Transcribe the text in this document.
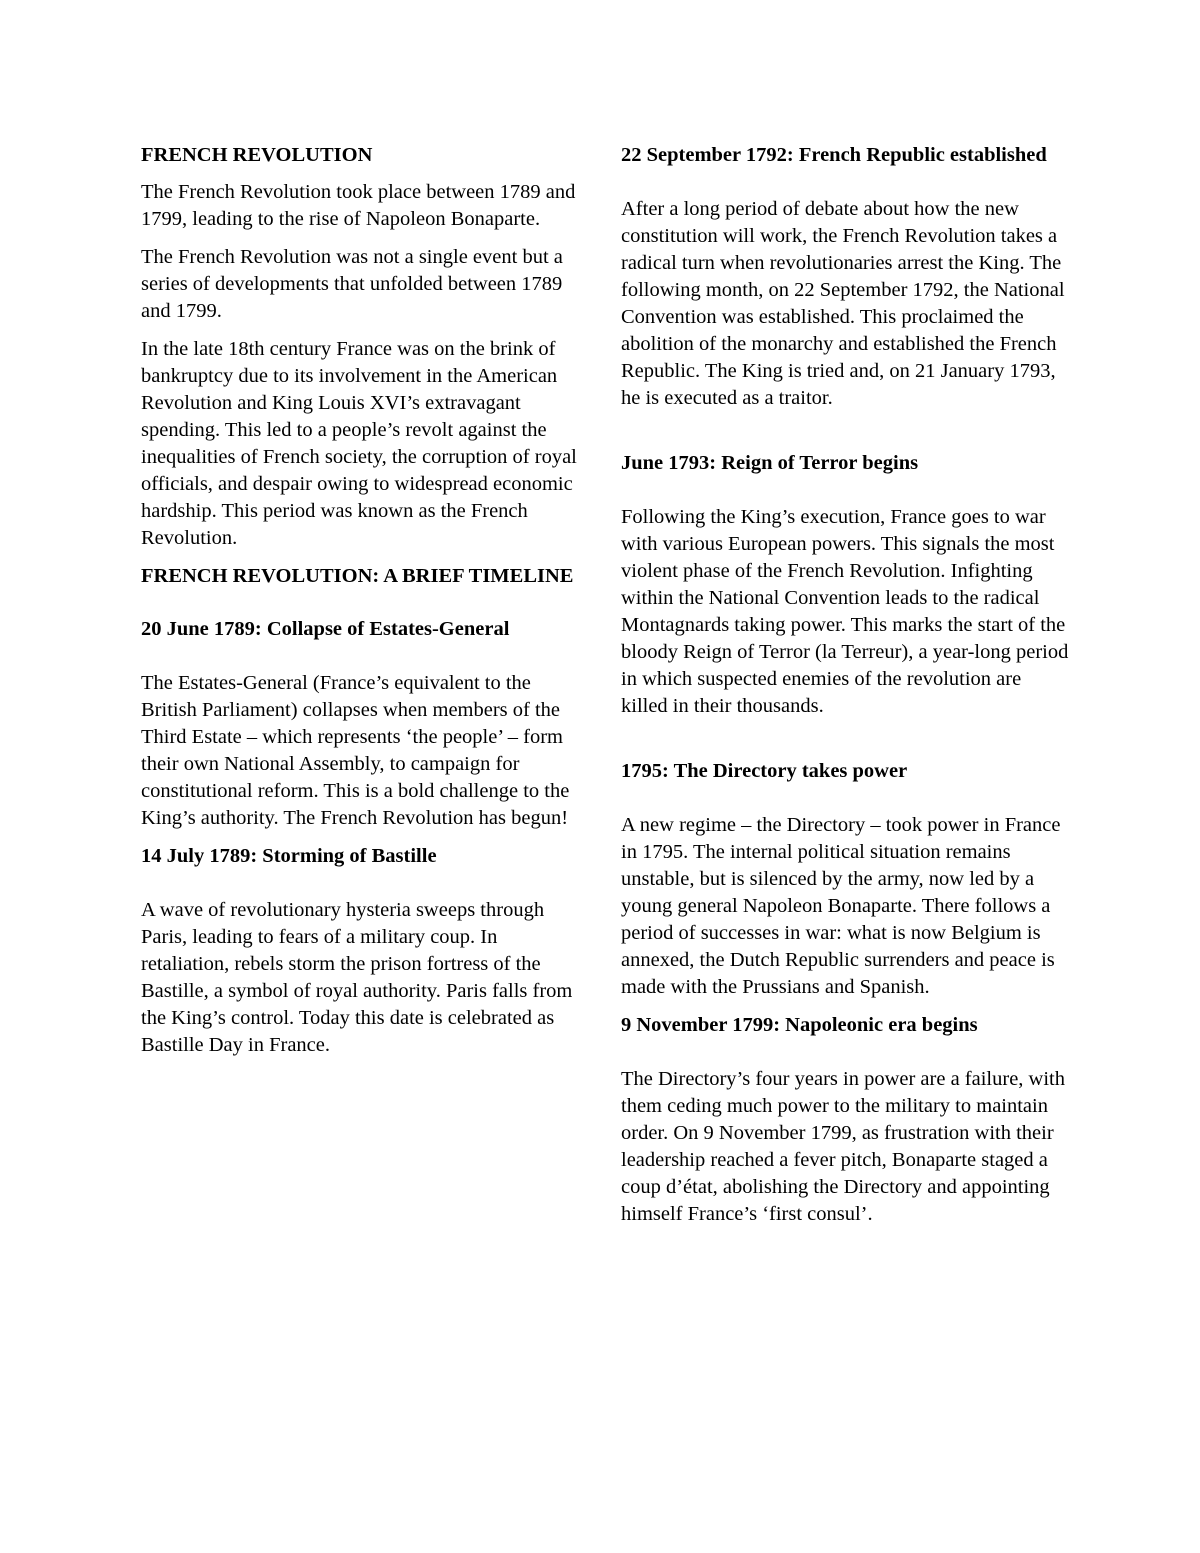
FRENCH REVOLUTION

The French Revolution took place between 1789 and 1799, leading to the rise of Napoleon Bonaparte.

The French Revolution was not a single event but a series of developments that unfolded between 1789 and 1799.

In the late 18th century France was on the brink of bankruptcy due to its involvement in the American Revolution and King Louis XVI’s extravagant spending. This led to a people’s revolt against the inequalities of French society, the corruption of royal officials, and despair owing to widespread economic hardship. This period was known as the French Revolution.

FRENCH REVOLUTION: A BRIEF TIMELINE

20 June 1789: Collapse of Estates-General

The Estates-General (France’s equivalent to the British Parliament) collapses when members of the Third Estate – which represents ‘the people’ – form their own National Assembly, to campaign for constitutional reform. This is a bold challenge to the King’s authority. The French Revolution has begun!

14 July 1789: Storming of Bastille

A wave of revolutionary hysteria sweeps through Paris, leading to fears of a military coup. In retaliation, rebels storm the prison fortress of the Bastille, a symbol of royal authority. Paris falls from the King’s control. Today this date is celebrated as Bastille Day in France.

22 September 1792: French Republic established

After a long period of debate about how the new constitution will work, the French Revolution takes a radical turn when revolutionaries arrest the King. The following month, on 22 September 1792, the National Convention was established. This proclaimed the abolition of the monarchy and established the French Republic. The King is tried and, on 21 January 1793, he is executed as a traitor.

June 1793: Reign of Terror begins

Following the King’s execution, France goes to war with various European powers. This signals the most violent phase of the French Revolution. Infighting within the National Convention leads to the radical Montagnards taking power. This marks the start of the bloody Reign of Terror (la Terreur), a year-long period in which suspected enemies of the revolution are killed in their thousands.

1795: The Directory takes power

A new regime – the Directory – took power in France in 1795. The internal political situation remains unstable, but is silenced by the army, now led by a young general Napoleon Bonaparte. There follows a period of successes in war: what is now Belgium is annexed, the Dutch Republic surrenders and peace is made with the Prussians and Spanish.

9 November 1799: Napoleonic era begins

The Directory’s four years in power are a failure, with them ceding much power to the military to maintain order. On 9 November 1799, as frustration with their leadership reached a fever pitch, Bonaparte staged a coup d’état, abolishing the Directory and appointing himself France’s ‘first consul’.
